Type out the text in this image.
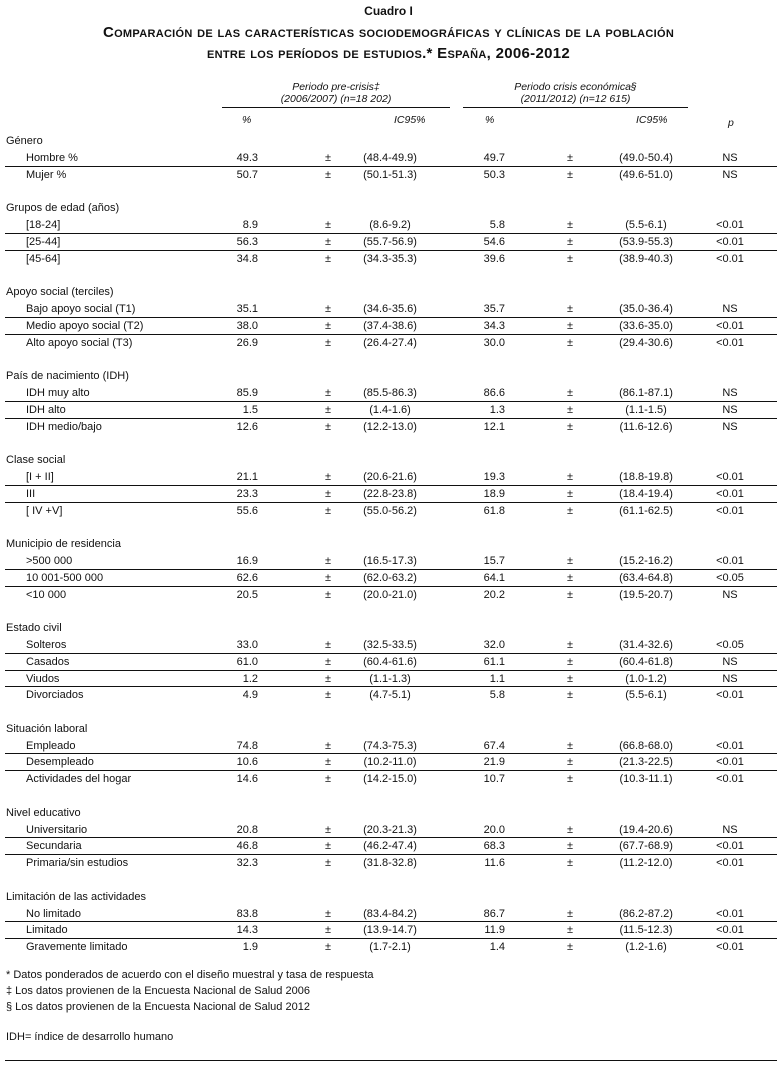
Cuadro I
Comparación de las características sociodemográficas y clínicas de la población
entre los períodos de estudios.* España, 2006-2012
Periodo pre-crisis‡
(2006/2007) (n=18 202)
Periodo crisis económica§
(2011/2012) (n=12 615)
%	IC95%	%	IC95%	p
Género
Hombre %	49.3	±	(48.4-49.9)	49.7	±	(49.0-50.4)	NS
Mujer %	50.7	±	(50.1-51.3)	50.3	±	(49.6-51.0)	NS
Grupos de edad (años)
[18-24]	8.9	±	(8.6-9.2)	5.8	±	(5.5-6.1)	<0.01
[25-44]	56.3	±	(55.7-56.9)	54.6	±	(53.9-55.3)	<0.01
[45-64]	34.8	±	(34.3-35.3)	39.6	±	(38.9-40.3)	<0.01
Apoyo social (terciles)
Bajo apoyo social (T1)	35.1	±	(34.6-35.6)	35.7	±	(35.0-36.4)	NS
Medio apoyo social (T2)	38.0	±	(37.4-38.6)	34.3	±	(33.6-35.0)	<0.01
Alto apoyo social (T3)	26.9	±	(26.4-27.4)	30.0	±	(29.4-30.6)	<0.01
País de nacimiento (IDH)
IDH muy alto	85.9	±	(85.5-86.3)	86.6	±	(86.1-87.1)	NS
IDH alto	1.5	±	(1.4-1.6)	1.3	±	(1.1-1.5)	NS
IDH medio/bajo	12.6	±	(12.2-13.0)	12.1	±	(11.6-12.6)	NS
Clase social
[I + II]	21.1	±	(20.6-21.6)	19.3	±	(18.8-19.8)	<0.01
III	23.3	±	(22.8-23.8)	18.9	±	(18.4-19.4)	<0.01
[ IV +V]	55.6	±	(55.0-56.2)	61.8	±	(61.1-62.5)	<0.01
Municipio de residencia
>500 000	16.9	±	(16.5-17.3)	15.7	±	(15.2-16.2)	<0.01
10 001-500 000	62.6	±	(62.0-63.2)	64.1	±	(63.4-64.8)	<0.05
<10 000	20.5	±	(20.0-21.0)	20.2	±	(19.5-20.7)	NS
Estado civil
Solteros	33.0	±	(32.5-33.5)	32.0	±	(31.4-32.6)	<0.05
Casados	61.0	±	(60.4-61.6)	61.1	±	(60.4-61.8)	NS
Viudos	1.2	±	(1.1-1.3)	1.1	±	(1.0-1.2)	NS
Divorciados	4.9	±	(4.7-5.1)	5.8	±	(5.5-6.1)	<0.01
Situación laboral
Empleado	74.8	±	(74.3-75.3)	67.4	±	(66.8-68.0)	<0.01
Desempleado	10.6	±	(10.2-11.0)	21.9	±	(21.3-22.5)	<0.01
Actividades del hogar	14.6	±	(14.2-15.0)	10.7	±	(10.3-11.1)	<0.01
Nivel educativo
Universitario	20.8	±	(20.3-21.3)	20.0	±	(19.4-20.6)	NS
Secundaria	46.8	±	(46.2-47.4)	68.3	±	(67.7-68.9)	<0.01
Primaria/sin estudios	32.3	±	(31.8-32.8)	11.6	±	(11.2-12.0)	<0.01
Limitación de las actividades
No limitado	83.8	±	(83.4-84.2)	86.7	±	(86.2-87.2)	<0.01
Limitado	14.3	±	(13.9-14.7)	11.9	±	(11.5-12.3)	<0.01
Gravemente limitado	1.9	±	(1.7-2.1)	1.4	±	(1.2-1.6)	<0.01
* Datos ponderados de acuerdo con el diseño muestral y tasa de respuesta
‡ Los datos provienen de la Encuesta Nacional de Salud 2006
§ Los datos provienen de la Encuesta Nacional de Salud 2012
IDH= índice de desarrollo humano
